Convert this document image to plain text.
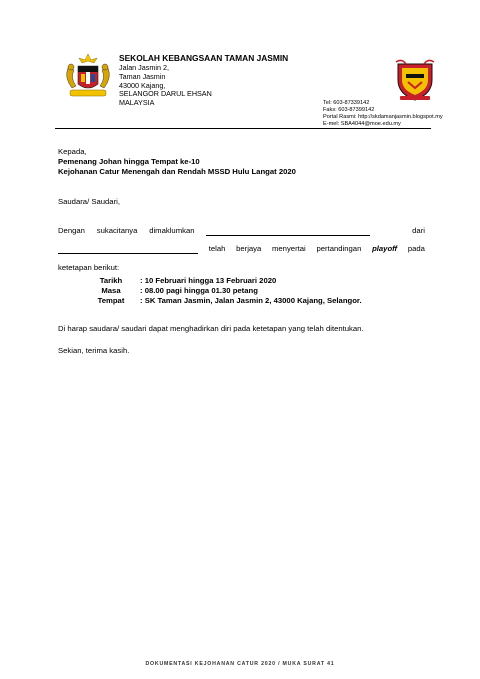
SEKOLAH KEBANGSAAN TAMAN JASMIN
Jalan Jasmin 2,
Taman Jasmin
43000 Kajang,
SELANGOR DARUL EHSAN
MALAYSIA	Tel: 603-87339142
Faks: 603-87399142
Portal Rasmi: http://skdamanjasmin.blogspot.my
E-mel: SBA4044@moe.edu.my
Kepada,
Pemenang Johan hingga Tempat ke-10
Kejohanan Catur Menengah dan Rendah MSSD Hulu Langat 2020
Saudara/ Saudari,
Dengan sukacitanya dimaklumkan	dari
telah berjaya menyertai pertandingan playoff pada
ketetapan berikut:
Tarikh	: 10 Februari hingga 13 Februari 2020
Masa	: 08.00 pagi hingga 01.30 petang
Tempat	: SK Taman Jasmin, Jalan Jasmin 2, 43000 Kajang, Selangor.
Di harap saudara/ saudari dapat menghadirkan diri pada ketetapan yang telah ditentukan.
Sekian, terima kasih.
DOKUMENTASI KEJOHANAN CATUR 2020 / MUKA SURAT 41
